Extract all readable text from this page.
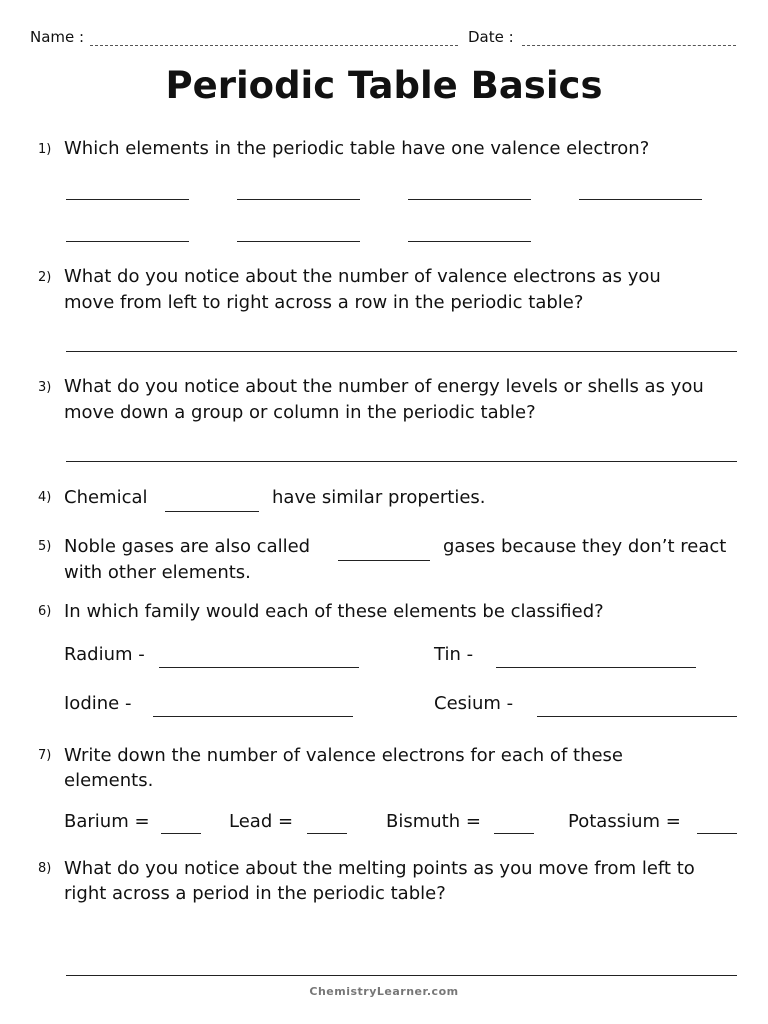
Name :	Date :
Periodic Table Basics
1) Which elements in the periodic table have one valence electron?
2) What do you notice about the number of valence electrons as you
move from left to right across a row in the periodic table?
3) What do you notice about the number of energy levels or shells as you
move down a group or column in the periodic table?
4) Chemical	have similar properties.
5) Noble gases are also called	gases because they don’t react
with other elements.
6) In which family would each of these elements be classified?
Radium -	Tin -
Iodine -	Cesium -
7) Write down the number of valence electrons for each of these
elements.
Barium =	Lead =	Bismuth =	Potassium =
8) What do you notice about the melting points as you move from left to
right across a period in the periodic table?
ChemistryLearner.com
